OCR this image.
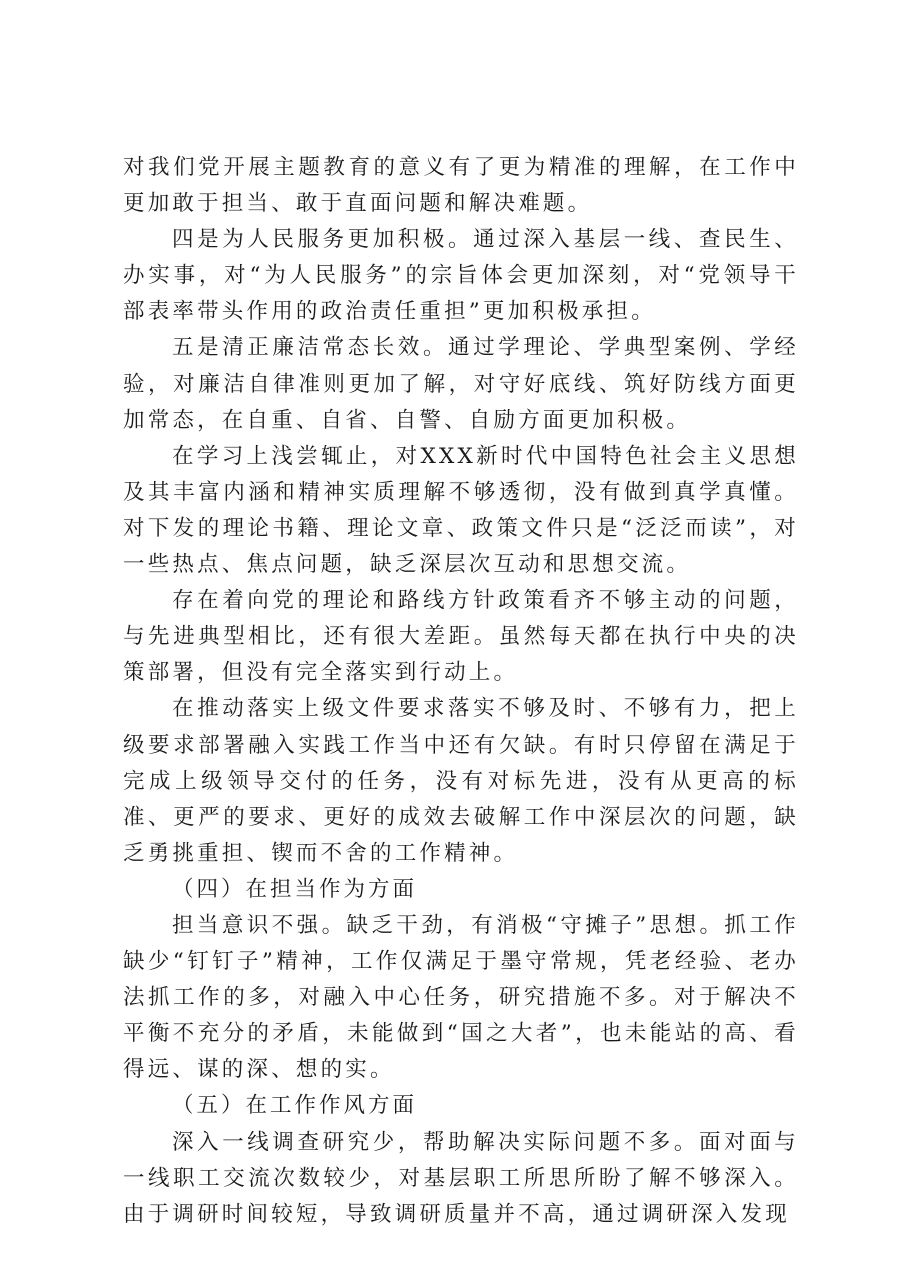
对我们党开展主题教育的意义有了更为精准的理解，在工作中更加敢于担当、敢于直面问题和解决难题。

四是为人民服务更加积极。通过深入基层一线、查民生、办实事，对“为人民服务”的宗旨体会更加深刻，对“党领导干部表率带头作用的政治责任重担”更加积极承担。

五是清正廉洁常态长效。通过学理论、学典型案例、学经验，对廉洁自律准则更加了解，对守好底线、筑好防线方面更加常态，在自重、自省、自警、自励方面更加积极。

在学习上浅尝辄止，对XXX新时代中国特色社会主义思想及其丰富内涵和精神实质理解不够透彻，没有做到真学真懂。对下发的理论书籍、理论文章、政策文件只是“泛泛而读”，对一些热点、焦点问题，缺乏深层次互动和思想交流。

存在着向党的理论和路线方针政策看齐不够主动的问题，与先进典型相比，还有很大差距。虽然每天都在执行中央的决策部署，但没有完全落实到行动上。

在推动落实上级文件要求落实不够及时、不够有力，把上级要求部署融入实践工作当中还有欠缺。有时只停留在满足于完成上级领导交付的任务，没有对标先进，没有从更高的标准、更严的要求、更好的成效去破解工作中深层次的问题，缺乏勇挑重担、锲而不舍的工作精神。

（四）在担当作为方面

担当意识不强。缺乏干劲，有消极“守摊子”思想。抓工作缺少“钉钉子”精神，工作仅满足于墨守常规，凭老经验、老办法抓工作的多，对融入中心任务，研究措施不多。对于解决不平衡不充分的矛盾，未能做到“国之大者”，也未能站的高、看得远、谋的深、想的实。

（五）在工作作风方面

深入一线调查研究少，帮助解决实际问题不多。面对面与一线职工交流次数较少，对基层职工所思所盼了解不够深入。由于调研时间较短，导致调研质量并不高，通过调研深入发现
